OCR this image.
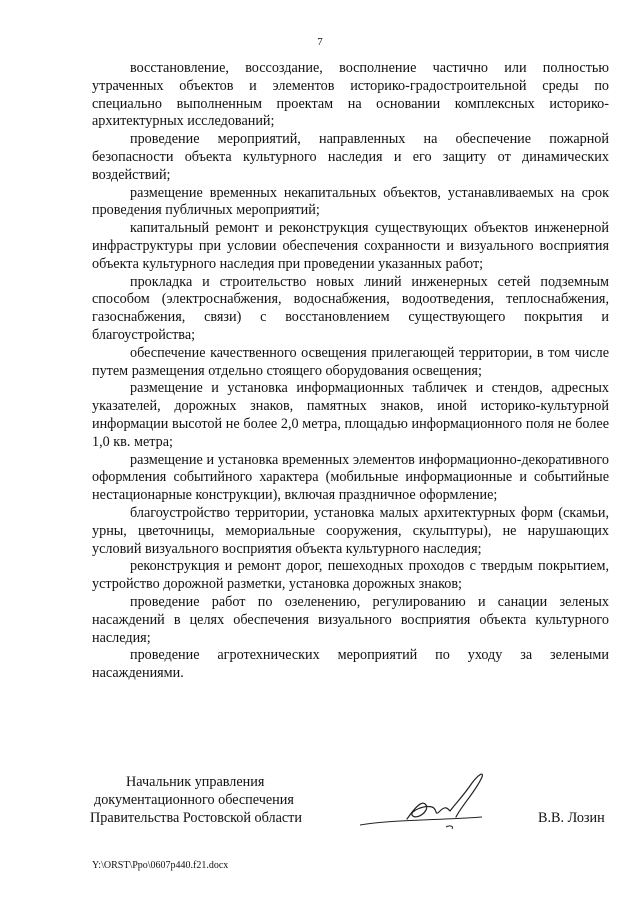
7

восстановление, воссоздание, восполнение частично или полностью утраченных объектов и элементов историко-градостроительной среды по специально выполненным проектам на основании комплексных историко-архитектурных исследований;

проведение мероприятий, направленных на обеспечение пожарной безопасности объекта культурного наследия и его защиту от динамических воздействий;

размещение временных некапитальных объектов, устанавливаемых на срок проведения публичных мероприятий;

капитальный ремонт и реконструкция существующих объектов инженерной инфраструктуры при условии обеспечения сохранности и визуального восприятия объекта культурного наследия при проведении указанных работ;

прокладка и строительство новых линий инженерных сетей подземным способом (электроснабжения, водоснабжения, водоотведения, теплоснабжения, газоснабжения, связи) с восстановлением существующего покрытия и благоустройства;

обеспечение качественного освещения прилегающей территории, в том числе путем размещения отдельно стоящего оборудования освещения;

размещение и установка информационных табличек и стендов, адресных указателей, дорожных знаков, памятных знаков, иной историко-культурной информации высотой не более 2,0 метра, площадью информационного поля не более 1,0 кв. метра;

размещение и установка временных элементов информационно-декоративного оформления событийного характера (мобильные информационные и событийные нестационарные конструкции), включая праздничное оформление;

благоустройство территории, установка малых архитектурных форм (скамьи, урны, цветочницы, мемориальные сооружения, скульптуры), не нарушающих условий визуального восприятия объекта культурного наследия;

реконструкция и ремонт дорог, пешеходных проходов с твердым покрытием, устройство дорожной разметки, установка дорожных знаков;

проведение работ по озеленению, регулированию и санации зеленых насаждений в целях обеспечения визуального восприятия объекта культурного наследия;

проведение агротехнических мероприятий по уходу за зелеными насаждениями.

Начальник управления
документационного обеспечения
Правительства Ростовской области	В.В. Лозин
Y:\ORST\Ppo\0607p440.f21.docx
